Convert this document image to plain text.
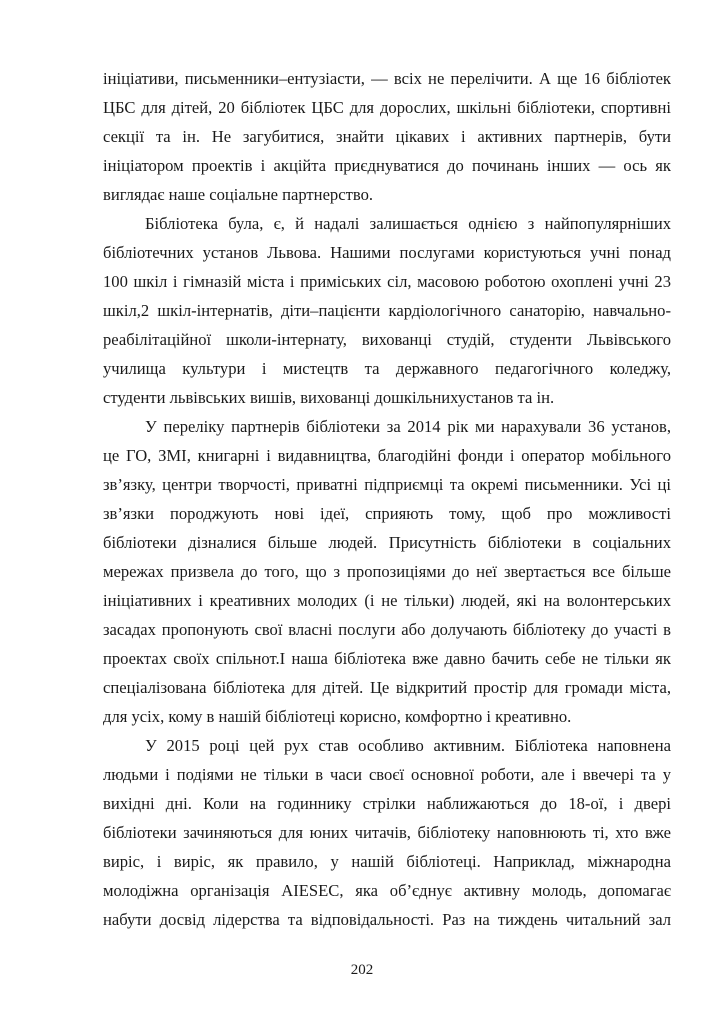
ініціативи, письменники–ентузіасти, — всіх не перелічити. А ще 16 бібліотек
ЦБС для дітей, 20 бібліотек ЦБС для дорослих, шкільні бібліотеки, спортивні
секції та ін. Не загубитися, знайти цікавих і активних партнерів, бути
ініціатором проектів і акційта приєднуватися до починань інших — ось як
виглядає наше соціальне партнерство.
Бібліотека була, є, й надалі залишається однією з найпопулярніших
бібліотечних установ Львова. Нашими послугами користуються учні понад
100 шкіл і гімназій міста і приміських сіл, масовою роботою охоплені учні 23
шкіл,2 шкіл-інтернатів, діти–пацієнти кардіологічного санаторію, навчально-
реабілітаційної школи-інтернату, вихованці студій, студенти Львівського
училища культури і мистецтв та державного педагогічного коледжу,
студенти львівських вишів, вихованці дошкільнихустанов та ін.
У переліку партнерів бібліотеки за 2014 рік ми нарахували 36 установ,
це ГО, ЗМІ, книгарні і видавництва, благодійні фонди і оператор мобільного
зв’язку, центри творчості, приватні підприємці та окремі письменники. Усі ці
зв’язки породжують нові ідеї, сприяють тому, щоб про можливості
бібліотеки дізналися більше людей. Присутність бібліотеки в соціальних
мережах призвела до того, що з пропозиціями до неї звертається все більше
ініціативних і креативних молодих (і не тільки) людей, які на волонтерських
засадах пропонують свої власні послуги або долучають бібліотеку до участі в
проектах своїх спільнот.І наша бібліотека вже давно бачить себе не тільки як
спеціалізована бібліотека для дітей. Це відкритий простір для громади міста,
для усіх, кому в нашій бібліотеці корисно, комфортно і креативно.
У 2015 році цей рух став особливо активним. Бібліотека наповнена
людьми і подіями не тільки в часи своєї основної роботи, але і ввечері та у
вихідні дні. Коли на годиннику стрілки наближаються до 18-ої, і двері
бібліотеки зачиняються для юних читачів, бібліотеку наповнюють ті, хто вже
виріс, і виріс, як правило, у нашій бібліотеці. Наприклад, міжнародна
молодіжна організація AIESEC, яка об’єднує активну молодь, допомагає
набути досвід лідерства та відповідальності. Раз на тиждень читальний зал
202
